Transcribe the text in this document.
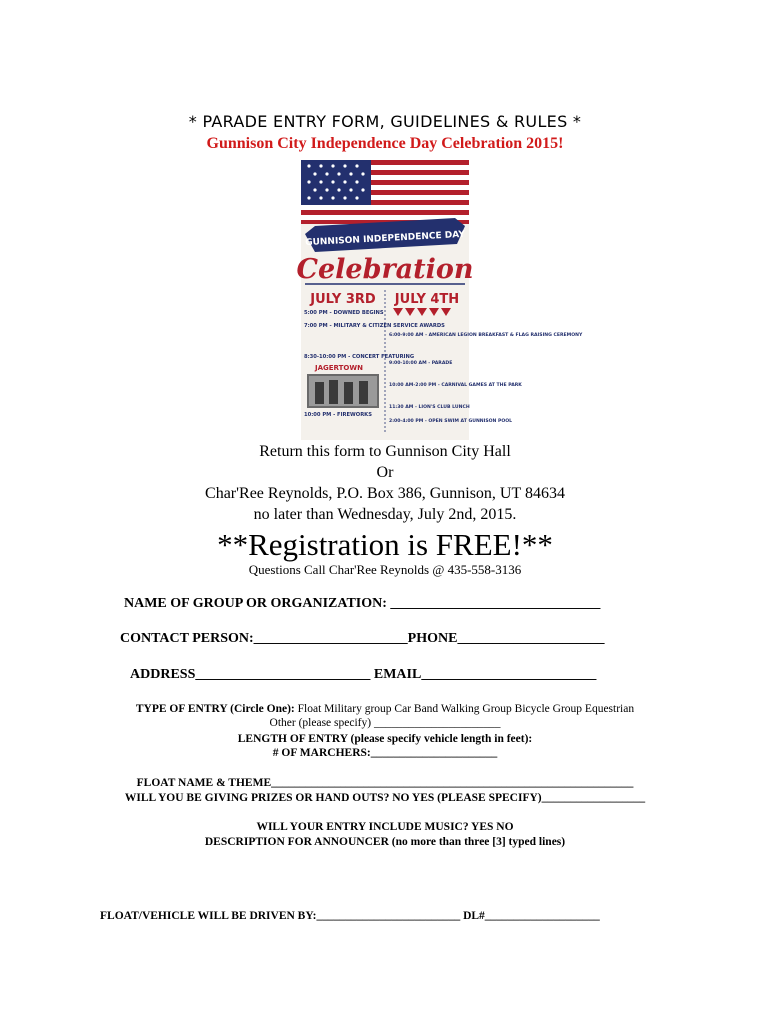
* PARADE ENTRY FORM, GUIDELINES & RULES *
Gunnison City Independence Day Celebration 2015!
GUNNISON INDEPENDENCE DAY
Celebration
JULY 3RD JULY 4TH
5:00 PM - DOWNED BEGINS
7:00 PM - MILITARY & CITIZEN SERVICE AWARDS
8:30-10:00 PM - CONCERT FEATURING
JAGERTOWN
10:00 PM - FIREWORKS
6:00-9:00 AM - AMERICAN LEGION BREAKFAST & FLAG RAISING CEREMONY
9:00-10:00 AM - PARADE
10:00 AM-2:00 PM - CARNIVAL GAMES AT THE PARK
11:30 AM - LION'S CLUB LUNCH
2:00-4:00 PM - OPEN SWIM AT GUNNISON POOL
Return this form to Gunnison City Hall
Or
Char'Ree Reynolds, P.O. Box 386, Gunnison, UT 84634
no later than Wednesday, July 2nd, 2015.
**Registration is FREE!**
Questions Call Char'Ree Reynolds @ 435-558-3136
NAME OF GROUP OR ORGANIZATION: ______________________________
CONTACT PERSON:______________________PHONE_____________________
ADDRESS_________________________ EMAIL_________________________
TYPE OF ENTRY (Circle One): Float Military group Car Band Walking Group Bicycle Group Equestrian
Other (please specify) ______________________
LENGTH OF ENTRY (please specify vehicle length in feet):
# OF MARCHERS:______________________
FLOAT NAME & THEME_______________________________________________________________
WILL YOU BE GIVING PRIZES OR HAND OUTS? NO YES (PLEASE SPECIFY)__________________
WILL YOUR ENTRY INCLUDE MUSIC? YES NO
DESCRIPTION FOR ANNOUNCER (no more than three [3] typed lines)
FLOAT/VEHICLE WILL BE DRIVEN BY:_________________________ DL#____________________
